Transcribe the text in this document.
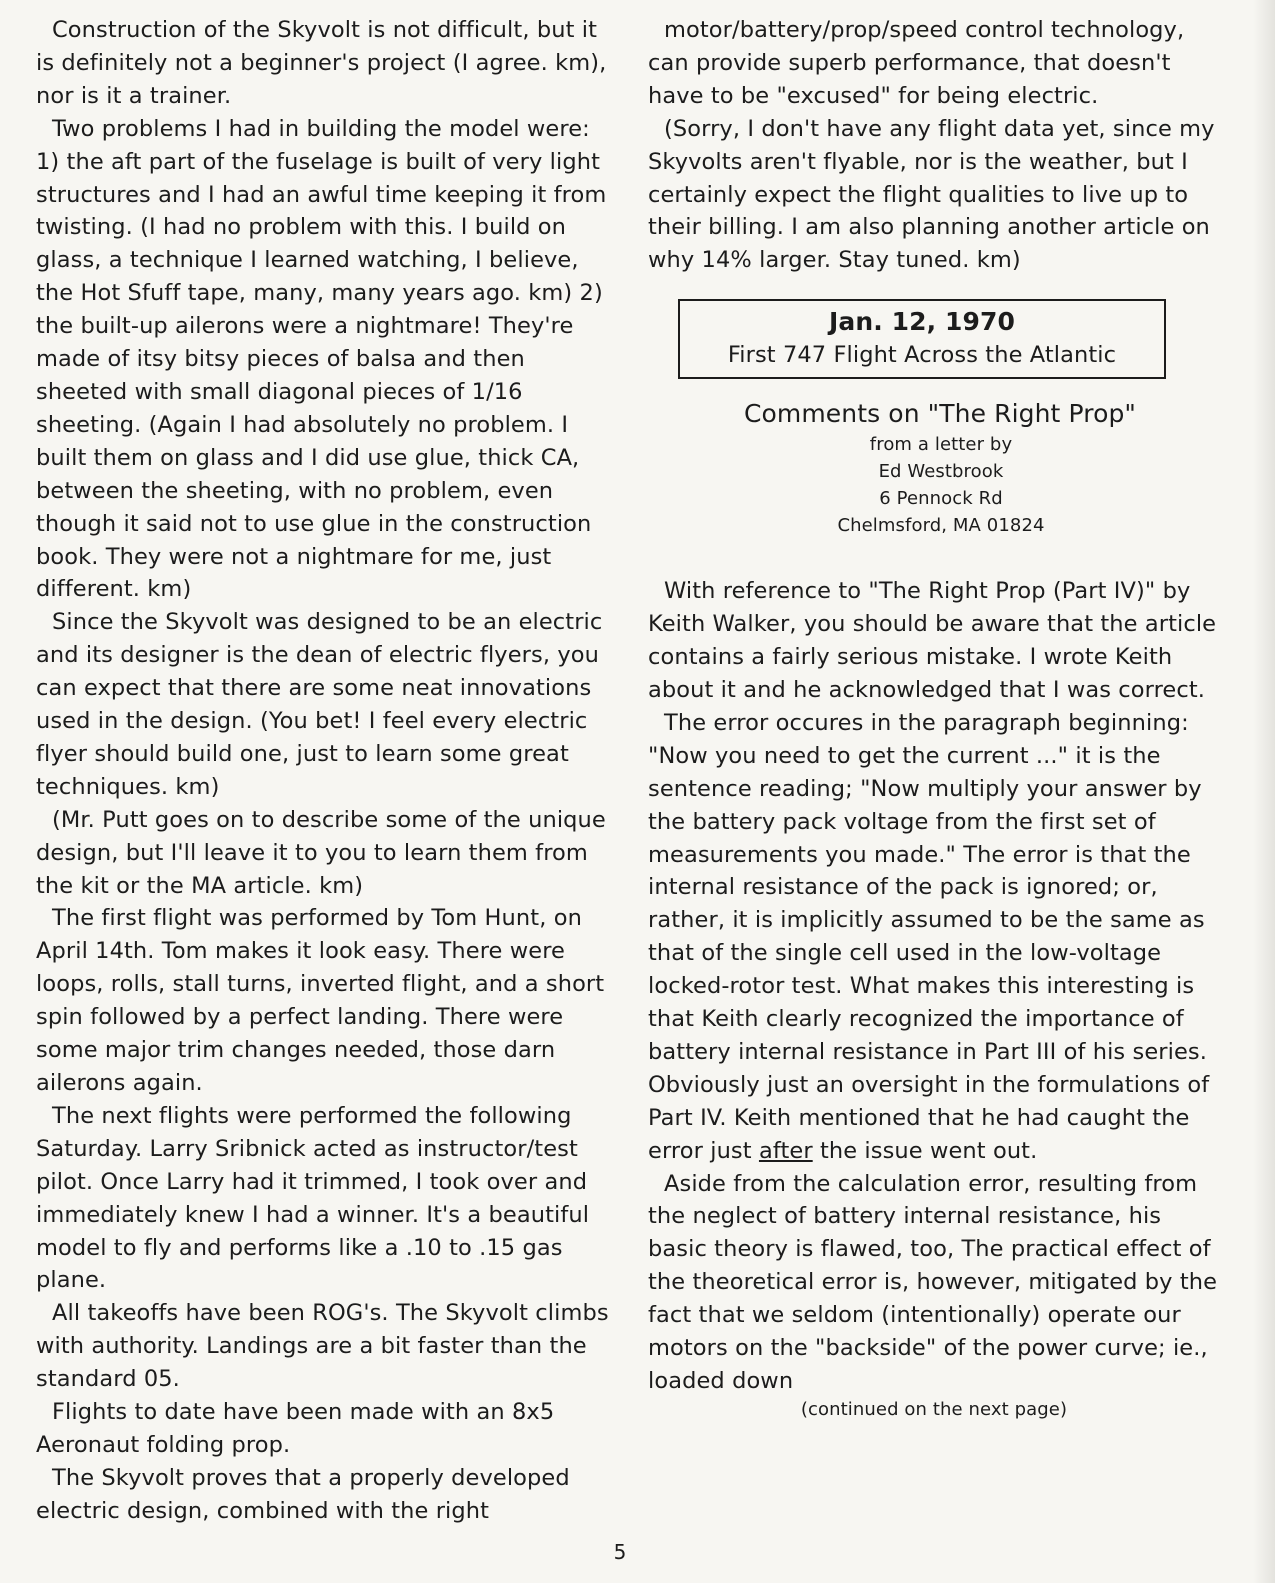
Construction of the Skyvolt is not difficult, but it is definitely not a beginner's project (I agree. km), nor is it a trainer.

Two problems I had in building the model were: 1) the aft part of the fuselage is built of very light structures and I had an awful time keeping it from twisting. (I had no problem with this. I build on glass, a technique I learned watching, I believe, the Hot Sfuff tape, many, many years ago. km) 2) the built-up ailerons were a nightmare! They're made of itsy bitsy pieces of balsa and then sheeted with small diagonal pieces of 1/16 sheeting. (Again I had absolutely no problem. I built them on glass and I did use glue, thick CA, between the sheeting, with no problem, even though it said not to use glue in the construction book. They were not a nightmare for me, just different. km)

Since the Skyvolt was designed to be an electric and its designer is the dean of electric flyers, you can expect that there are some neat innovations used in the design. (You bet! I feel every electric flyer should build one, just to learn some great techniques. km)

(Mr. Putt goes on to describe some of the unique design, but I'll leave it to you to learn them from the kit or the MA article. km)

The first flight was performed by Tom Hunt, on April 14th. Tom makes it look easy. There were loops, rolls, stall turns, inverted flight, and a short spin followed by a perfect landing. There were some major trim changes needed, those darn ailerons again.

The next flights were performed the following Saturday. Larry Sribnick acted as instructor/test pilot. Once Larry had it trimmed, I took over and immediately knew I had a winner. It's a beautiful model to fly and performs like a .10 to .15 gas plane.

All takeoffs have been ROG's. The Skyvolt climbs with authority. Landings are a bit faster than the standard 05.

Flights to date have been made with an 8x5 Aeronaut folding prop.

The Skyvolt proves that a properly developed electric design, combined with the right

motor/battery/prop/speed control technology, can provide superb performance, that doesn't have to be "excused" for being electric.

(Sorry, I don't have any flight data yet, since my Skyvolts aren't flyable, nor is the weather, but I certainly expect the flight qualities to live up to their billing. I am also planning another article on why 14% larger. Stay tuned. km)

Jan. 12, 1970
First 747 Flight Across the Atlantic
Comments on "The Right Prop"
from a letter by
Ed Westbrook
6 Pennock Rd
Chelmsford, MA 01824

With reference to "The Right Prop (Part IV)" by Keith Walker, you should be aware that the article contains a fairly serious mistake. I wrote Keith about it and he acknowledged that I was correct.

The error occures in the paragraph beginning: "Now you need to get the current ..." it is the sentence reading; "Now multiply your answer by the battery pack voltage from the first set of measurements you made." The error is that the internal resistance of the pack is ignored; or, rather, it is implicitly assumed to be the same as that of the single cell used in the low-voltage locked-rotor test. What makes this interesting is that Keith clearly recognized the importance of battery internal resistance in Part III of his series. Obviously just an oversight in the formulations of Part IV. Keith mentioned that he had caught the error just after the issue went out.

Aside from the calculation error, resulting from the neglect of battery internal resistance, his basic theory is flawed, too, The practical effect of the theoretical error is, however, mitigated by the fact that we seldom (intentionally) operate our motors on the "backside" of the power curve; ie., loaded down

(continued on the next page)

5
